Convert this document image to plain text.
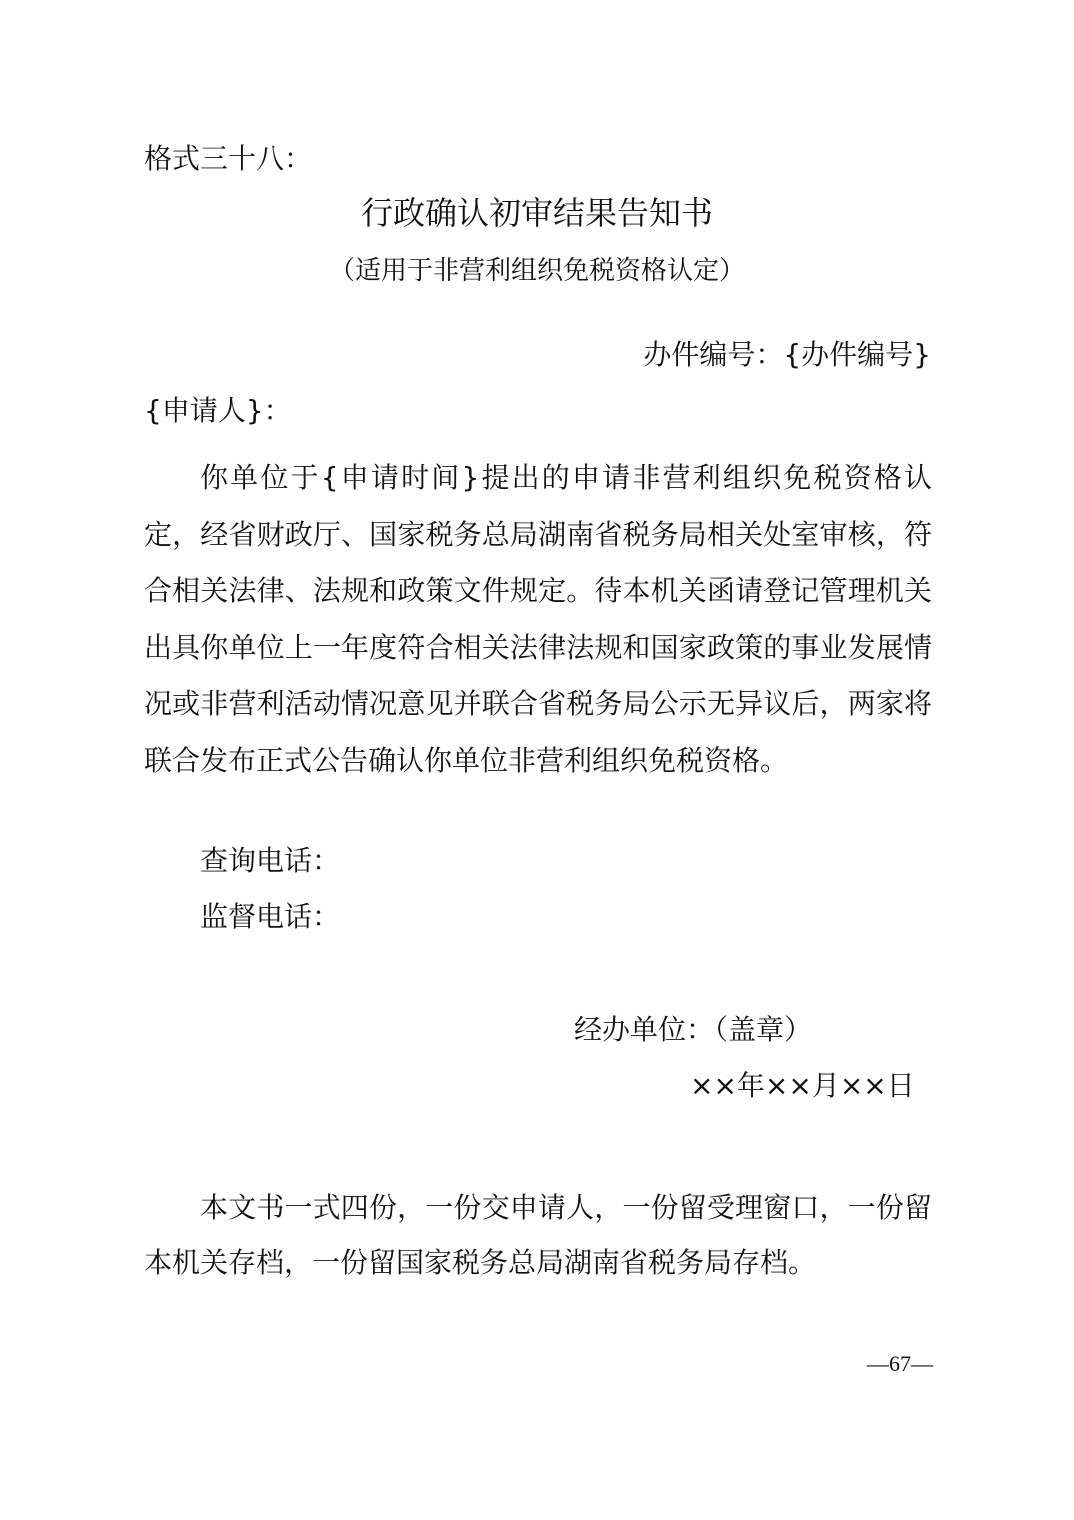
格式三十八：
行政确认初审结果告知书
（适用于非营利组织免税资格认定）
办件编号：{办件编号}
{申请人}：
你单位于{申请时间}提出的申请非营利组织免税资格认定，经省财政厅、国家税务总局湖南省税务局相关处室审核，符合相关法律、法规和政策文件规定。待本机关函请登记管理机关出具你单位上一年度符合相关法律法规和国家政策的事业发展情况或非营利活动情况意见并联合省税务局公示无异议后，两家将联合发布正式公告确认你单位非营利组织免税资格。
查询电话：
监督电话：
经办单位：（盖章）
××年××月××日
本文书一式四份，一份交申请人，一份留受理窗口，一份留本机关存档，一份留国家税务总局湖南省税务局存档。
—67—
